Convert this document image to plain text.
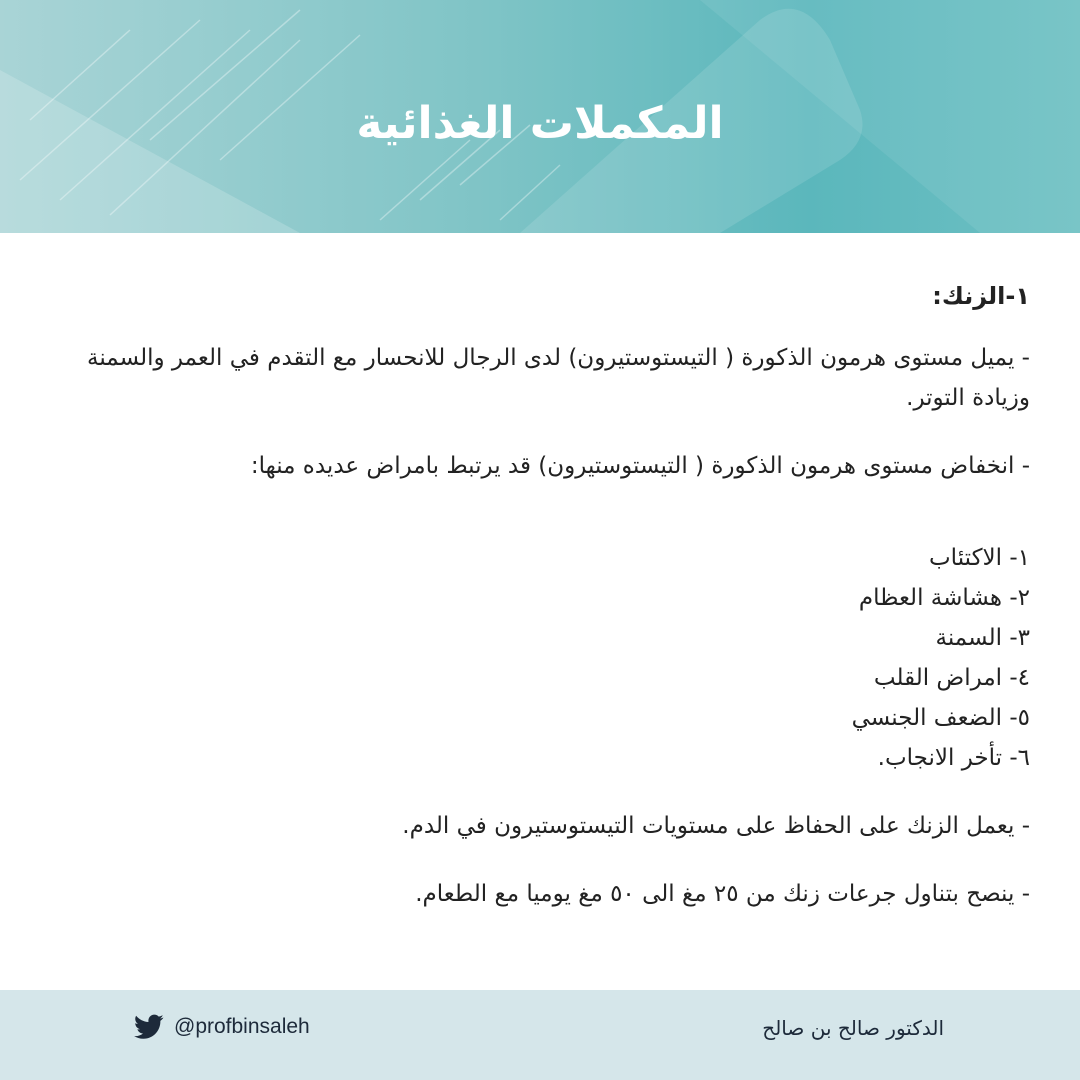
المكملات الغذائية
١-الزنك:

- يميل مستوى هرمون الذكورة ( التيستوستيرون) لدى الرجال للانحسار مع التقدم في العمر والسمنة وزيادة التوتر.

- انخفاض مستوى هرمون الذكورة ( التيستوستيرون) قد يرتبط بامراض عديده منها:

١- الاكتئاب
٢- هشاشة العظام
٣- السمنة
٤- امراض القلب
٥- الضعف الجنسي
٦- تأخر الانجاب.

- يعمل الزنك على الحفاظ على مستويات التيستوستيرون في الدم.

- ينصح بتناول جرعات زنك من ٢٥ مغ الى ٥٠ مغ يوميا مع الطعام.

@profbinsaleh	الدكتور صالح بن صالح
